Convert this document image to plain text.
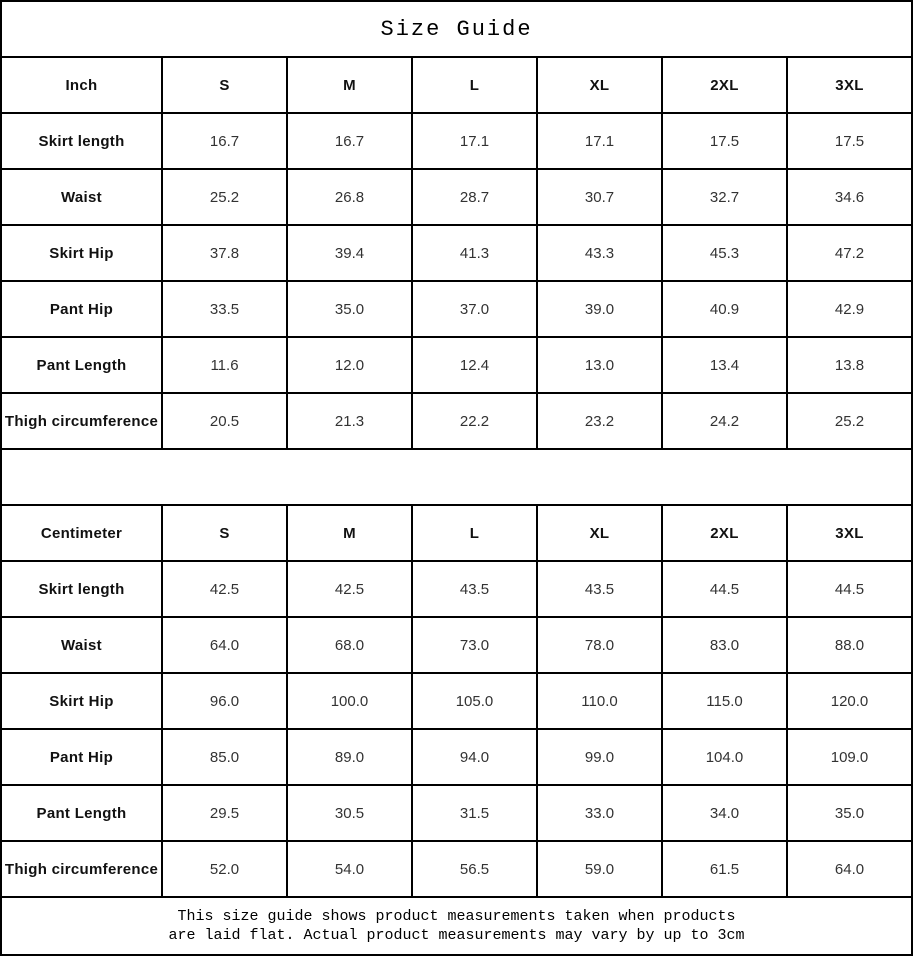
Size Guide						
Inch	S	M	L	XL	2XL	3XL
Skirt length	16.7	16.7	17.1	17.1	17.5	17.5
Waist	25.2	26.8	28.7	30.7	32.7	34.6
Skirt Hip	37.8	39.4	41.3	43.3	45.3	47.2
Pant Hip	33.5	35.0	37.0	39.0	40.9	42.9
Pant Length	11.6	12.0	12.4	13.0	13.4	13.8
Thigh circumference	20.5	21.3	22.2	23.2	24.2	25.2

Centimeter	S	M	L	XL	2XL	3XL
Skirt length	42.5	42.5	43.5	43.5	44.5	44.5
Waist	64.0	68.0	73.0	78.0	83.0	88.0
Skirt Hip	96.0	100.0	105.0	110.0	115.0	120.0
Pant Hip	85.0	89.0	94.0	99.0	104.0	109.0
Pant Length	29.5	30.5	31.5	33.0	34.0	35.0
Thigh circumference	52.0	54.0	56.5	59.0	61.5	64.0

This size guide shows product measurements taken when products
are laid flat. Actual product measurements may vary by up to 3cm						
